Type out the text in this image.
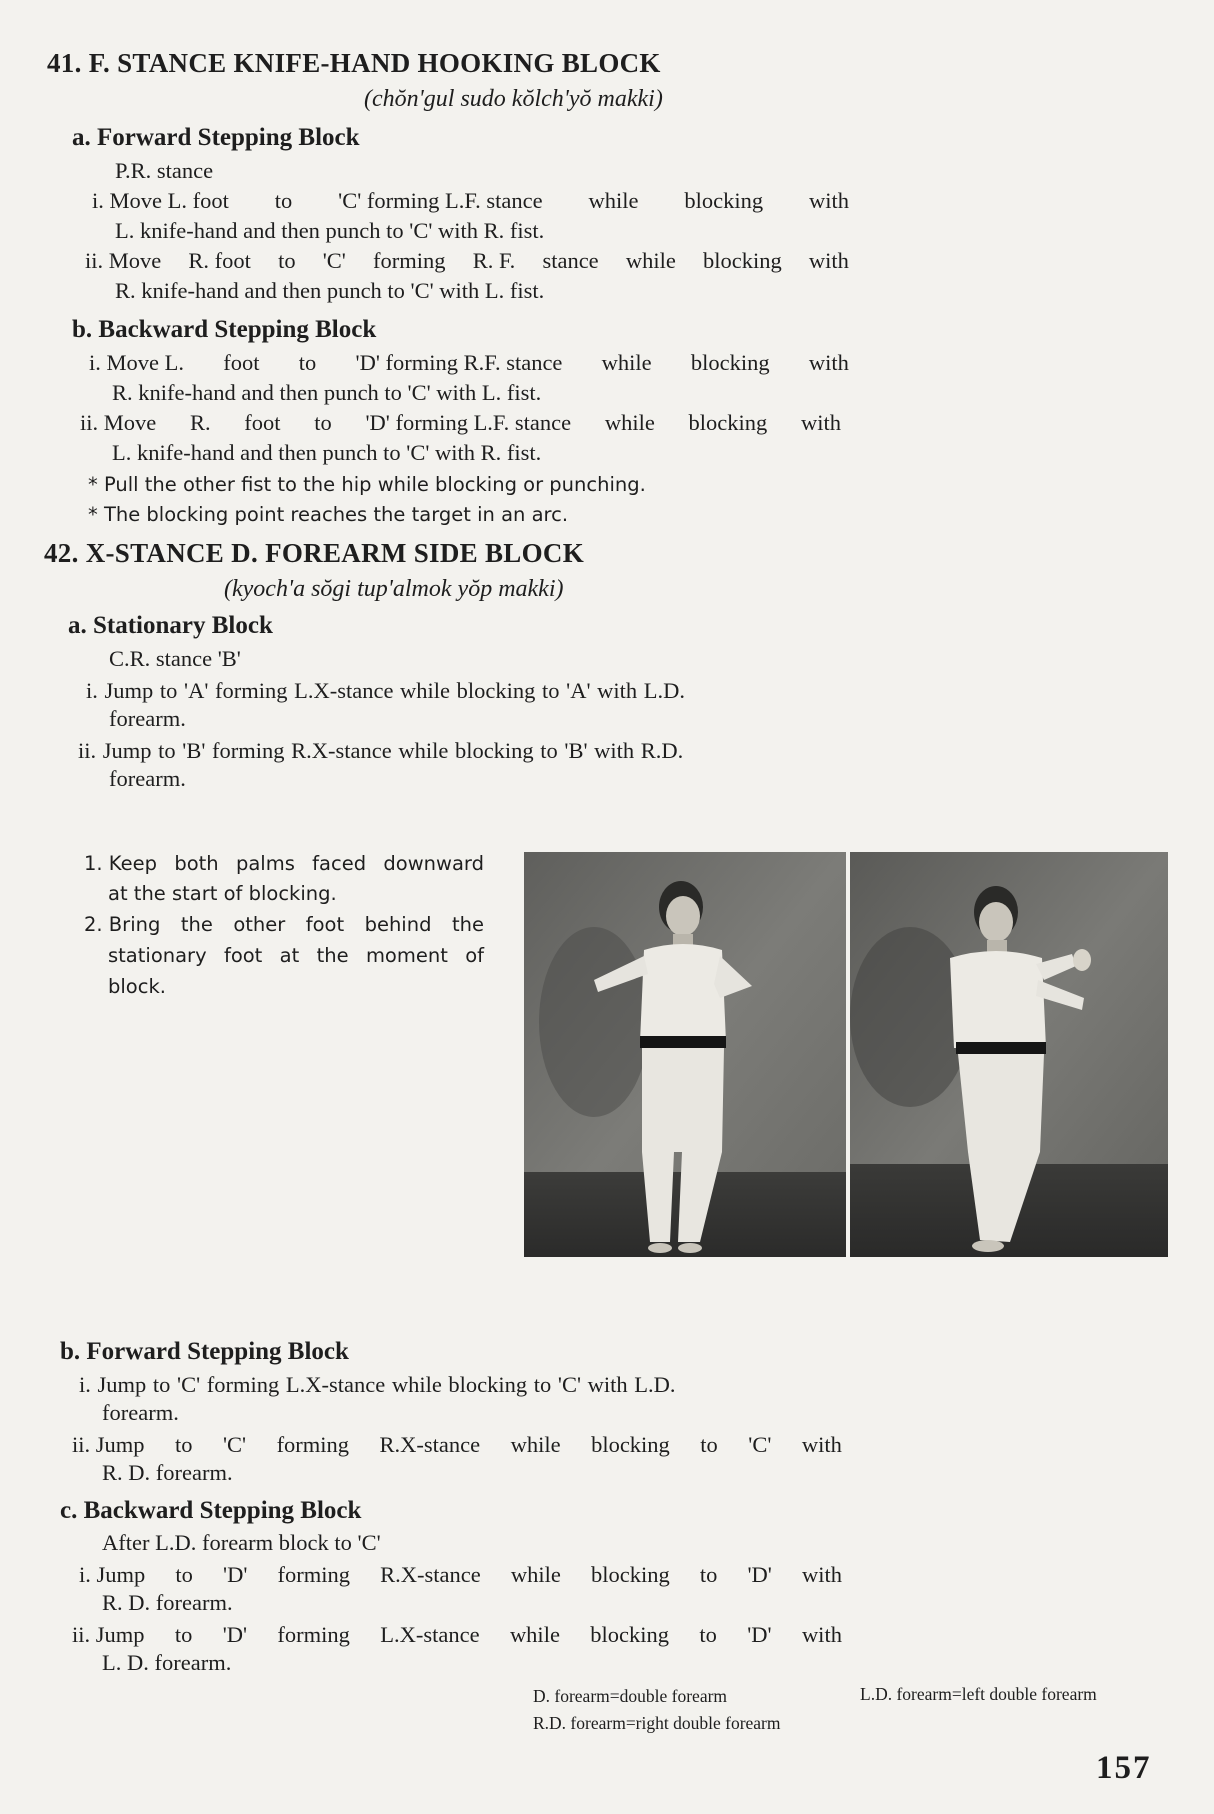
41. F. STANCE KNIFE-HAND HOOKING BLOCK
(chŏn'gul sudo kŏlch'yŏ makki)
a. Forward Stepping Block
P.R. stance
i. Move L. foot to 'C' forming L.F. stance while blocking with
L. knife-hand and then punch to 'C' with R. fist.
ii. Move R. foot to 'C' forming R. F. stance while blocking with
R. knife-hand and then punch to 'C' with L. fist.
b. Backward Stepping Block
i. Move L. foot to 'D' forming R.F. stance while blocking with
R. knife-hand and then punch to 'C' with L. fist.
ii. Move R. foot to 'D' forming L.F. stance while blocking with
L. knife-hand and then punch to 'C' with R. fist.
* Pull the other fist to the hip while blocking or punching.
* The blocking point reaches the target in an arc.
42. X-STANCE D. FOREARM SIDE BLOCK
(kyoch'a sŏgi tup'almok yŏp makki)
a. Stationary Block
C.R. stance 'B'
i. Jump to 'A' forming L.X-stance while blocking to 'A' with L.D.
forearm.
ii. Jump to 'B' forming R.X-stance while blocking to 'B' with R.D.
forearm.
1. Keep both palms faced downward
at the start of blocking.
2. Bring the other foot behind the
stationary foot at the moment of
block.
b. Forward Stepping Block
i. Jump to 'C' forming L.X-stance while blocking to 'C' with L.D.
forearm.
ii. Jump to 'C' forming R.X-stance while blocking to 'C' with
R. D. forearm.
c. Backward Stepping Block
After L.D. forearm block to 'C'
i. Jump to 'D' forming R.X-stance while blocking to 'D' with
R. D. forearm.
ii. Jump to 'D' forming L.X-stance while blocking to 'D' with
L. D. forearm.
D. forearm=double forearm	L.D. forearm=left double forearm
R.D. forearm=right double forearm
157
